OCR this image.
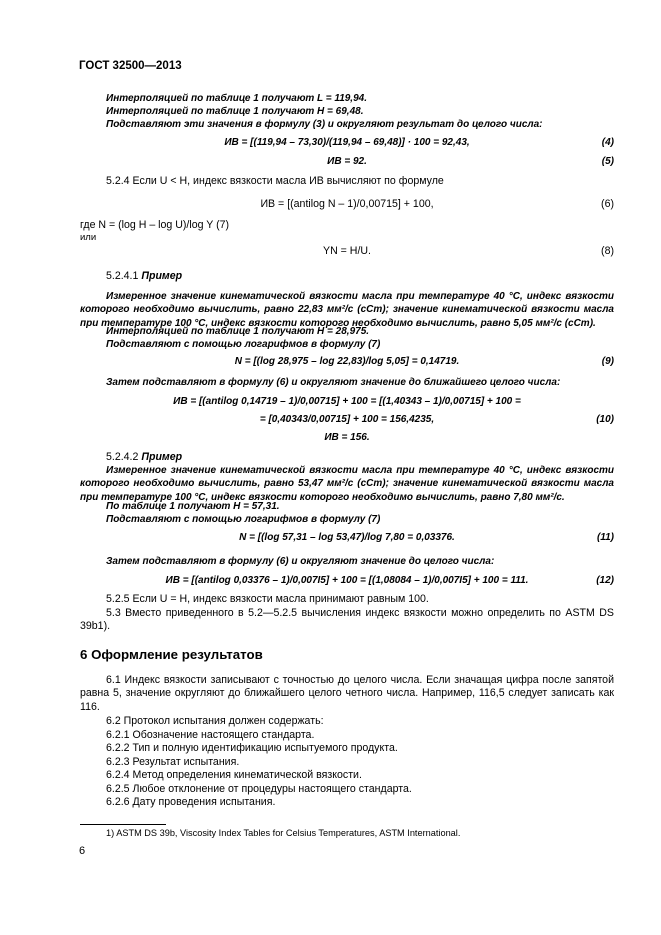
ГОСТ 32500—2013
Интерполяцией по таблице 1 получают L = 119,94.
Интерполяцией по таблице 1 получают H = 69,48.
Подставляют эти значения в формулу (3) и округляют результат до целого числа:
ИВ = [(119,94 – 73,30)/(119,94 – 69,48)] · 100 = 92,43,	(4)
ИВ = 92.	(5)
5.2.4 Если U < H, индекс вязкости масла ИВ вычисляют по формуле
ИВ = [(antilog N – 1)/0,00715] + 100,	(6)
где N = (log H – log U)/log Y (7)
или
YN = H/U.	(8)
5.2.4.1 Пример
Измеренное значение кинематической вязкости масла при температуре 40 °С, индекс вязкости которого необходимо вычислить, равно 22,83 мм²/с (сСт); значение кинематической вязкости масла при температуре 100 °С, индекс вязкости которого необходимо вычислить, равно 5,05 мм²/с (сСт).
Интерполяцией по таблице 1 получают H = 28,975.
Подставляют с помощью логарифмов в формулу (7)
N = [(log 28,975 – log 22,83)/log 5,05] = 0,14719.	(9)
Затем подставляют в формулу (6) и округляют значение до ближайшего целого числа:
ИВ = [(antilog 0,14719 – 1)/0,00715] + 100 = [(1,40343 – 1)/0,00715] + 100 =
= [0,40343/0,00715] + 100 = 156,4235,	(10)
ИВ = 156.
5.2.4.2 Пример
Измеренное значение кинематической вязкости масла при температуре 40 °С, индекс вязкости которого необходимо вычислить, равно 53,47 мм²/с (сСт); значение кинематической вязкости масла при температуре 100 °С, индекс вязкости которого необходимо вычислить, равно 7,80 мм²/с.
По таблице 1 получают H = 57,31.
Подставляют с помощью логарифмов в формулу (7)
N = [(log 57,31 – log 53,47)/log 7,80 = 0,03376.	(11)
Затем подставляют в формулу (6) и округляют значение до целого числа:
ИВ = [(antilog 0,03376 – 1)/0,007I5] + 100 = [(1,08084 – 1)/0,007I5] + 100 = 111.	(12)
5.2.5 Если U = H, индекс вязкости масла принимают равным 100.
5.3 Вместо приведенного в 5.2—5.2.5 вычисления индекс вязкости можно определить по ASTM DS 39b1).
6 Оформление результатов
6.1 Индекс вязкости записывают с точностью до целого числа. Если значащая цифра после запятой равна 5, значение округляют до ближайшего целого четного числа. Например, 116,5 следует записать как 116.
6.2 Протокол испытания должен содержать:
6.2.1 Обозначение настоящего стандарта.
6.2.2 Тип и полную идентификацию испытуемого продукта.
6.2.3 Результат испытания.
6.2.4 Метод определения кинематической вязкости.
6.2.5 Любое отклонение от процедуры настоящего стандарта.
6.2.6 Дату проведения испытания.
1) ASTM DS 39b, Viscosity Index Tables for Celsius Temperatures, ASTM International.
6
